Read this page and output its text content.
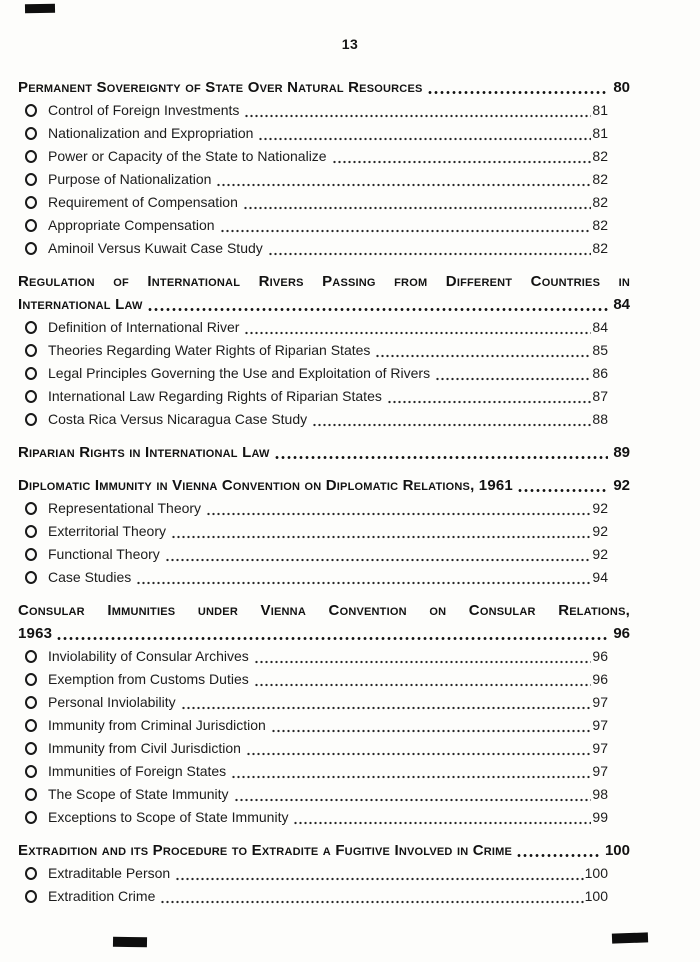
13
Permanent Sovereignty of State Over Natural Resources	80
Control of Foreign Investments	81
Nationalization and Expropriation	81
Power or Capacity of the State to Nationalize	82
Purpose of Nationalization	82
Requirement of Compensation	82
Appropriate Compensation	82
Aminoil Versus Kuwait Case Study	82
Regulation of International Rivers Passing from Different Countries in
International Law	84
Definition of International River	84
Theories Regarding Water Rights of Riparian States	85
Legal Principles Governing the Use and Exploitation of Rivers	86
International Law Regarding Rights of Riparian States	87
Costa Rica Versus Nicaragua Case Study	88
Riparian Rights in International Law	89
Diplomatic Immunity in Vienna Convention on Diplomatic Relations, 1961	92
Representational Theory	92
Exterritorial Theory	92
Functional Theory	92
Case Studies	94
Consular Immunities under Vienna Convention on Consular Relations,
1963	96
Inviolability of Consular Archives	96
Exemption from Customs Duties	96
Personal Inviolability	97
Immunity from Criminal Jurisdiction	97
Immunity from Civil Jurisdiction	97
Immunities of Foreign States	97
The Scope of State Immunity	98
Exceptions to Scope of State Immunity	99
Extradition and its Procedure to Extradite a Fugitive Involved in Crime	100
Extraditable Person	100
Extradition Crime	100
